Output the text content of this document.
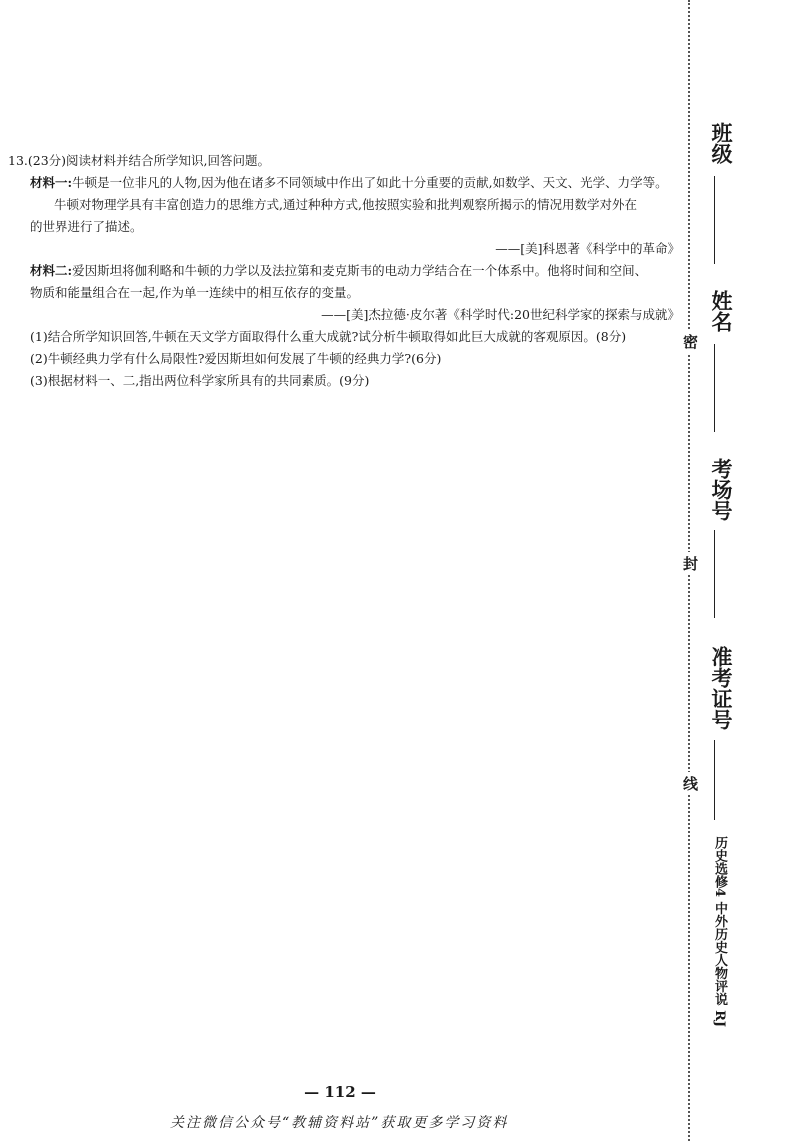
13.(23分)阅读材料并结合所学知识,回答问题。
材料一:牛顿是一位非凡的人物,因为他在诸多不同领域中作出了如此十分重要的贡献,如数学、天文、光学、力学等。
牛顿对物理学具有丰富创造力的思维方式,通过种种方式,他按照实验和批判观察所揭示的情况用数学对外在
的世界进行了描述。
——[美]科恩著《科学中的革命》
材料二:爱因斯坦将伽利略和牛顿的力学以及法拉第和麦克斯韦的电动力学结合在一个体系中。他将时间和空间、
物质和能量组合在一起,作为单一连续中的相互依存的变量。
——[美]杰拉德·皮尔著《科学时代:20世纪科学家的探索与成就》
(1)结合所学知识回答,牛顿在天文学方面取得什么重大成就?试分析牛顿取得如此巨大成就的客观原因。(8分)
(2)牛顿经典力学有什么局限性?爱因斯坦如何发展了牛顿的经典力学?(6分)
(3)根据材料一、二,指出两位科学家所具有的共同素质。(9分)
— 112 —
关注微信公众号“教辅资料站”获取更多学习资料
班级
姓名
考场号
准考证号
密
封
线
历史选修4 中外历史人物评说 RJ
